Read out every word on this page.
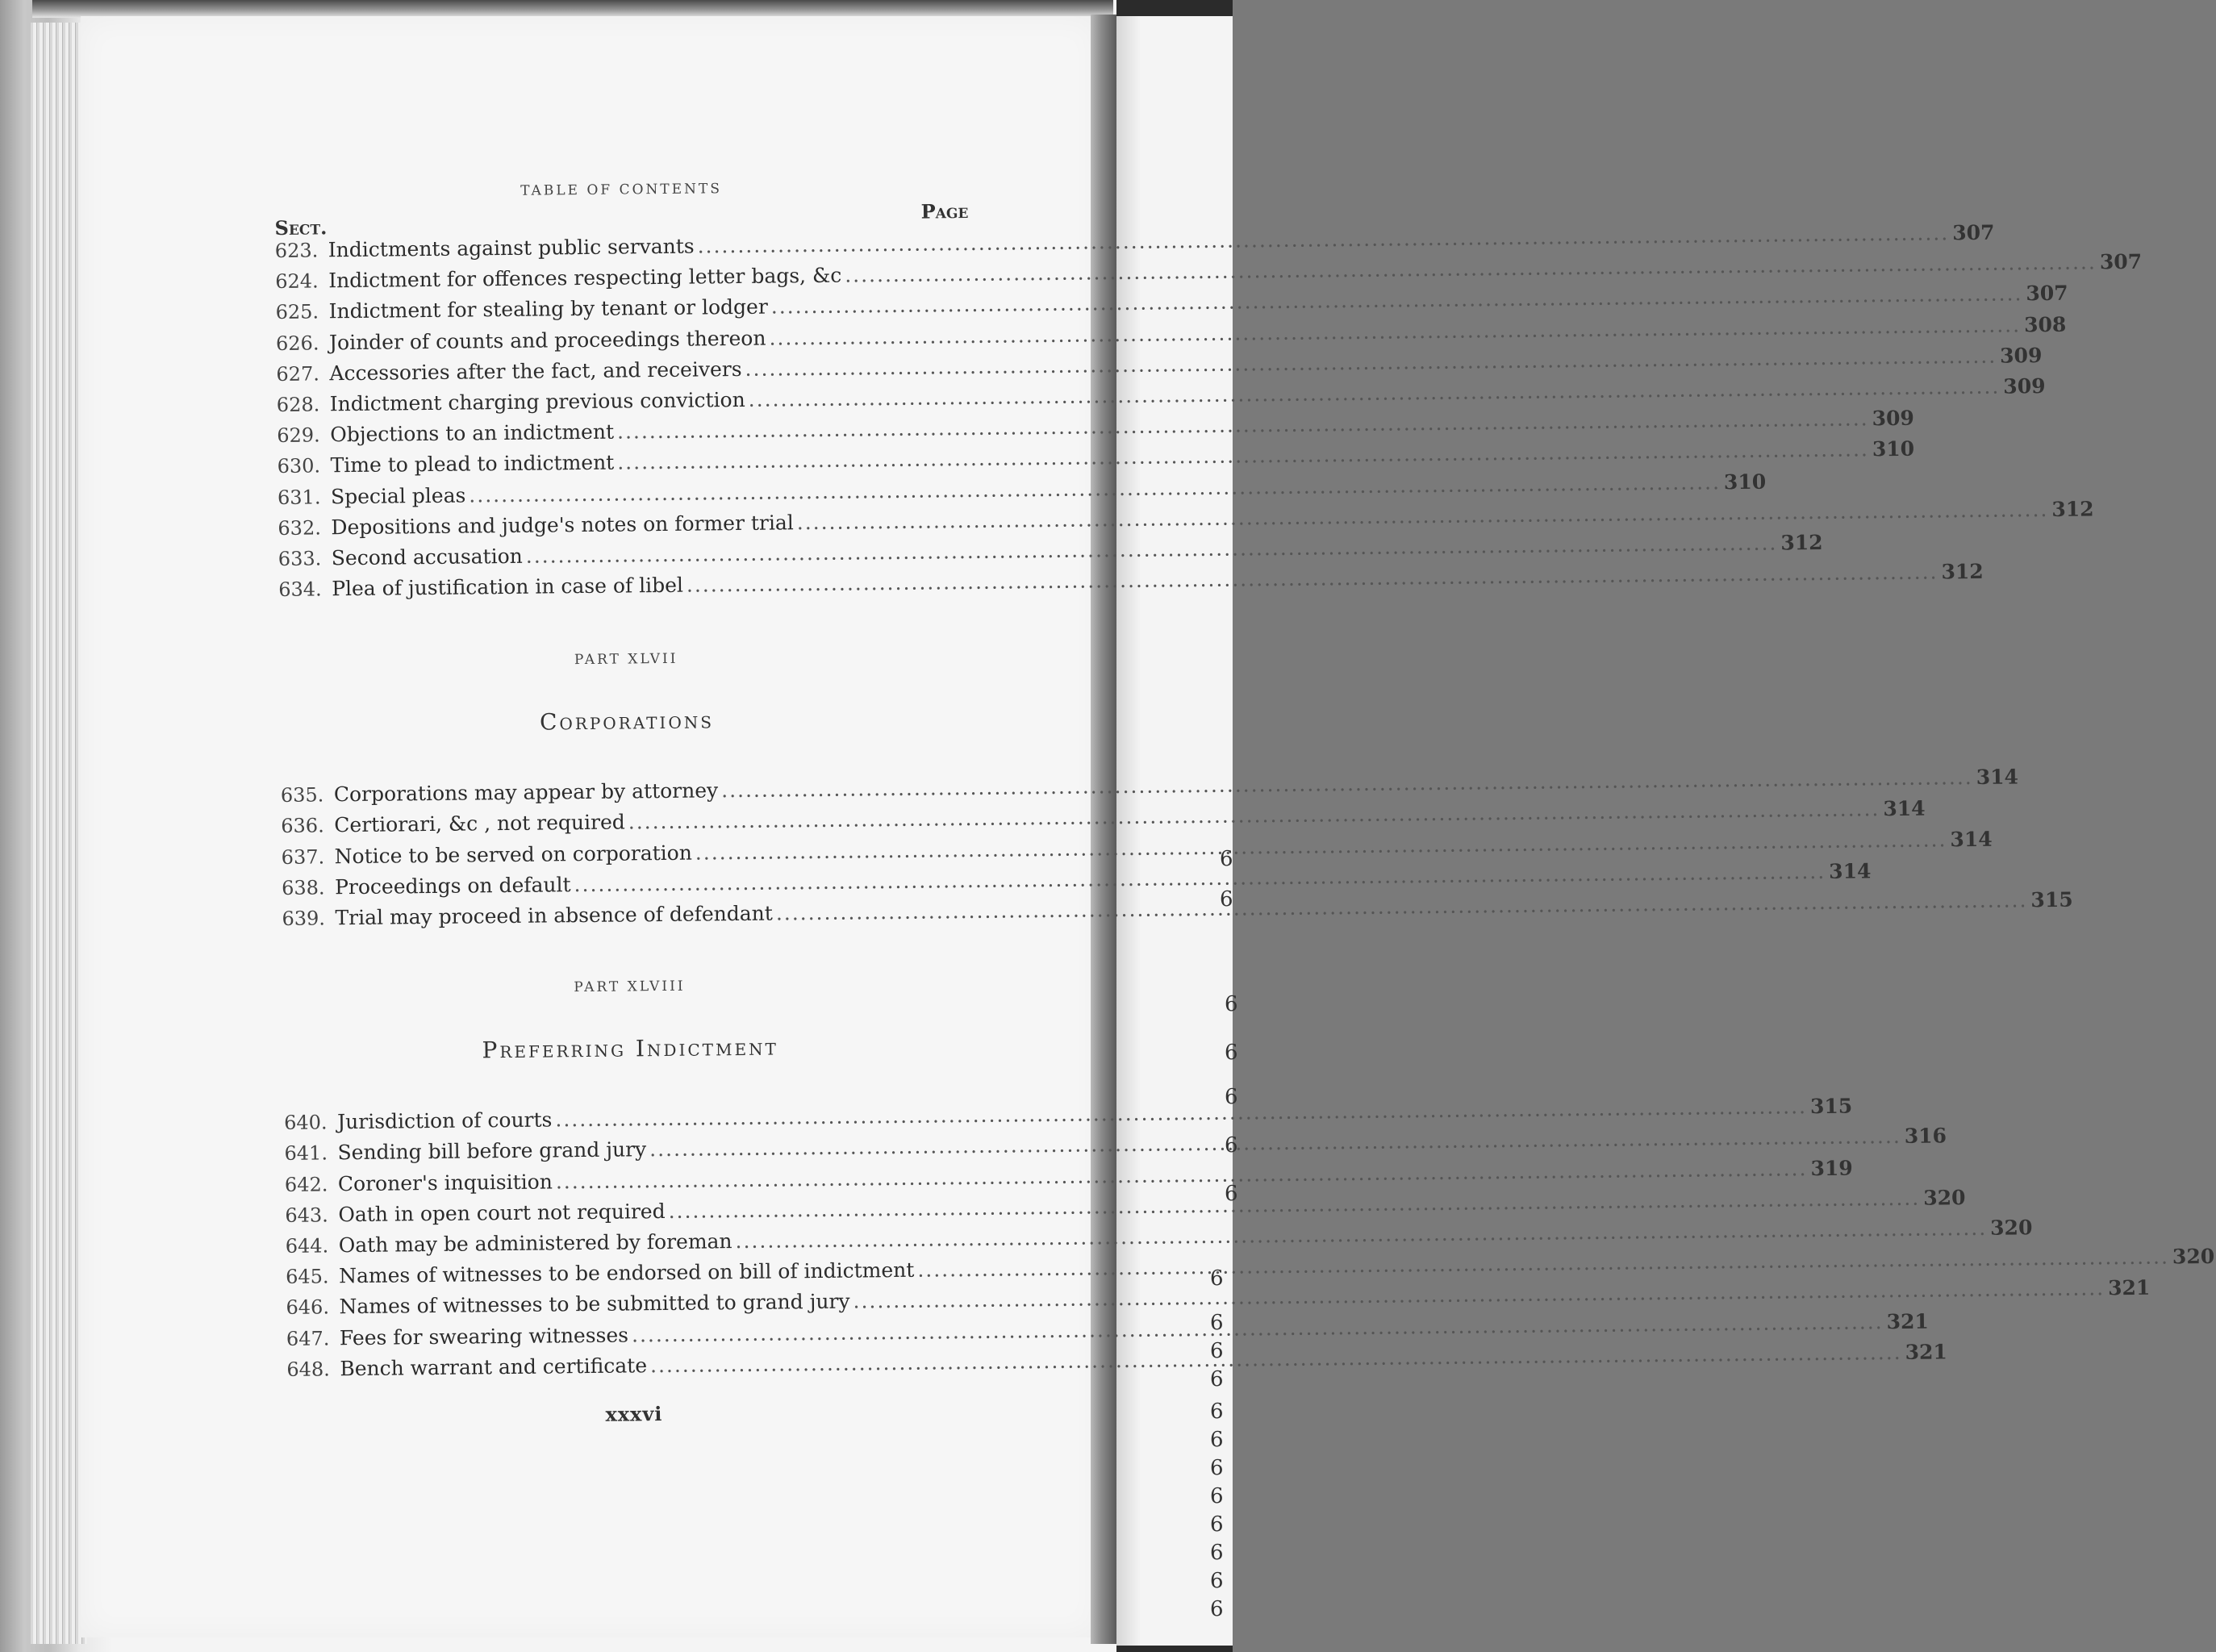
6
6
6
6
6
6
6
6
6
6
6
6
6
6
6
6
6
6
6
TABLE OF CONTENTS
Sect.
Page
623. Indictments against public servants
.....
307
624. Indictment for offences respecting letter bags, &c
.....
307
625. Indictment for stealing by tenant or lodger
.....
307
626. Joinder of counts and proceedings thereon
.....
308
627. Accessories after the fact, and receivers
.....
309
628. Indictment charging previous conviction
.....
309
629. Objections to an indictment
.....
309
630. Time to plead to indictment
.....
310
631. Special pleas
.....
310
632. Depositions and judge's notes on former trial
.....
312
633. Second accusation
.....
312
634. Plea of justification in case of libel
.....
312
PART XLVII
Corporations
635. Corporations may appear by attorney
.....
314
636. Certiorari, &c , not required
.....
314
637. Notice to be served on corporation
.....
314
638. Proceedings on default
.....
314
639. Trial may proceed in absence of defendant
.....
315
PART XLVIII
Preferring Indictment
640. Jurisdiction of courts
.....
315
641. Sending bill before grand jury
.....
316
642. Coroner's inquisition
.....
319
643. Oath in open court not required
.....
320
644. Oath may be administered by foreman
.....
320
645. Names of witnesses to be endorsed on bill of indictment
.....
320
646. Names of witnesses to be submitted to grand jury
.....
321
647. Fees for swearing witnesses
.....
321
648. Bench warrant and certificate
.....
321
xxxvi
